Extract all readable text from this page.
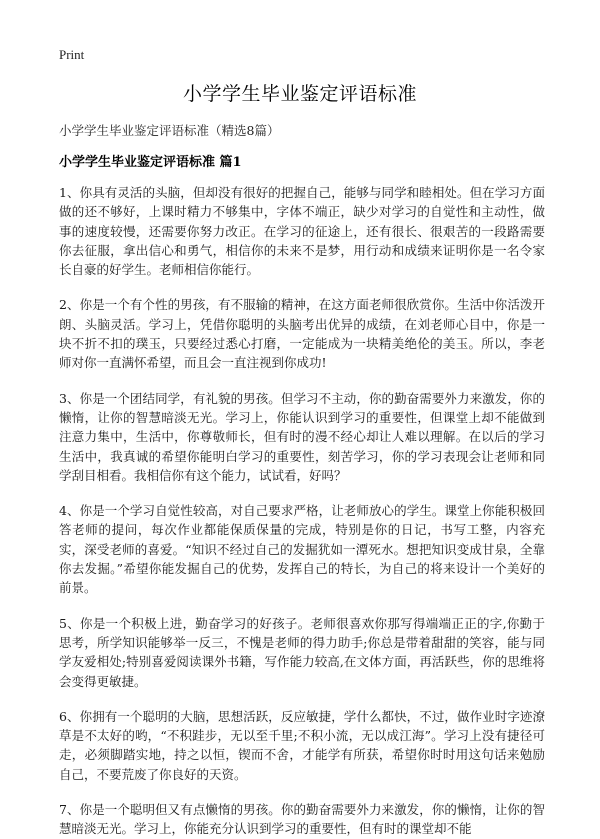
Print
小学学生毕业鉴定评语标准
小学学生毕业鉴定评语标准（精选8篇）
小学学生毕业鉴定评语标准 篇1

1、你具有灵活的头脑，但却没有很好的把握自己，能够与同学和睦相处。但在学习方面做的还不够好，上课时精力不够集中，字体不端正，缺少对学习的自觉性和主动性，做事的速度较慢，还需要你努力改正。在学习的征途上，还有很长、很艰苦的一段路需要你去征服，拿出信心和勇气，相信你的未来不是梦，用行动和成绩来证明你是一名令家长自豪的好学生。老师相信你能行。

2、你是一个有个性的男孩，有不服输的精神，在这方面老师很欣赏你。生活中你活泼开朗、头脑灵活。学习上，凭借你聪明的头脑考出优异的成绩，在刘老师心目中，你是一块不折不扣的璞玉，只要经过悉心打磨，一定能成为一块精美绝伦的美玉。所以，李老师对你一直满怀希望，而且会一直注视到你成功!

3、你是一个团结同学，有礼貌的男孩。但学习不主动，你的勤奋需要外力来激发，你的懒惰，让你的智慧暗淡无光。学习上，你能认识到学习的重要性，但课堂上却不能做到注意力集中，生活中，你尊敬师长，但有时的漫不经心却让人难以理解。在以后的学习生活中，我真诚的希望你能明白学习的重要性，刻苦学习，你的学习表现会让老师和同学刮目相看。我相信你有这个能力，试试看，好吗？

4、你是一个学习自觉性较高，对自己要求严格，让老师放心的学生。课堂上你能积极回答老师的提问，每次作业都能保质保量的完成，特别是你的日记，书写工整，内容充实，深受老师的喜爱。“知识不经过自己的发掘犹如一潭死水。想把知识变成甘泉，全靠你去发掘。”希望你能发掘自己的优势，发挥自己的特长，为自己的将来设计一个美好的前景。

5、你是一个积极上进，勤奋学习的好孩子。老师很喜欢你那写得端端正正的字,你勤于思考，所学知识能够举一反三，不愧是老师的得力助手;你总是带着甜甜的笑容，能与同学友爱相处;特别喜爱阅读课外书籍，写作能力较高,在文体方面，再活跃些，你的思维将会变得更敏捷。

6、你拥有一个聪明的大脑，思想活跃，反应敏捷，学什么都快，不过，做作业时字迹潦草是不太好的哟，“不积跬步，无以至千里;不积小流，无以成江海”。学习上没有捷径可走，必须脚踏实地，持之以恒，锲而不舍，才能学有所获，希望你时时用这句话来勉励自己，不要荒废了你良好的天资。

7、你是一个聪明但又有点懒惰的男孩。你的勤奋需要外力来激发，你的懒惰，让你的智慧暗淡无光。学习上，你能充分认识到学习的重要性，但有时的课堂却不能
